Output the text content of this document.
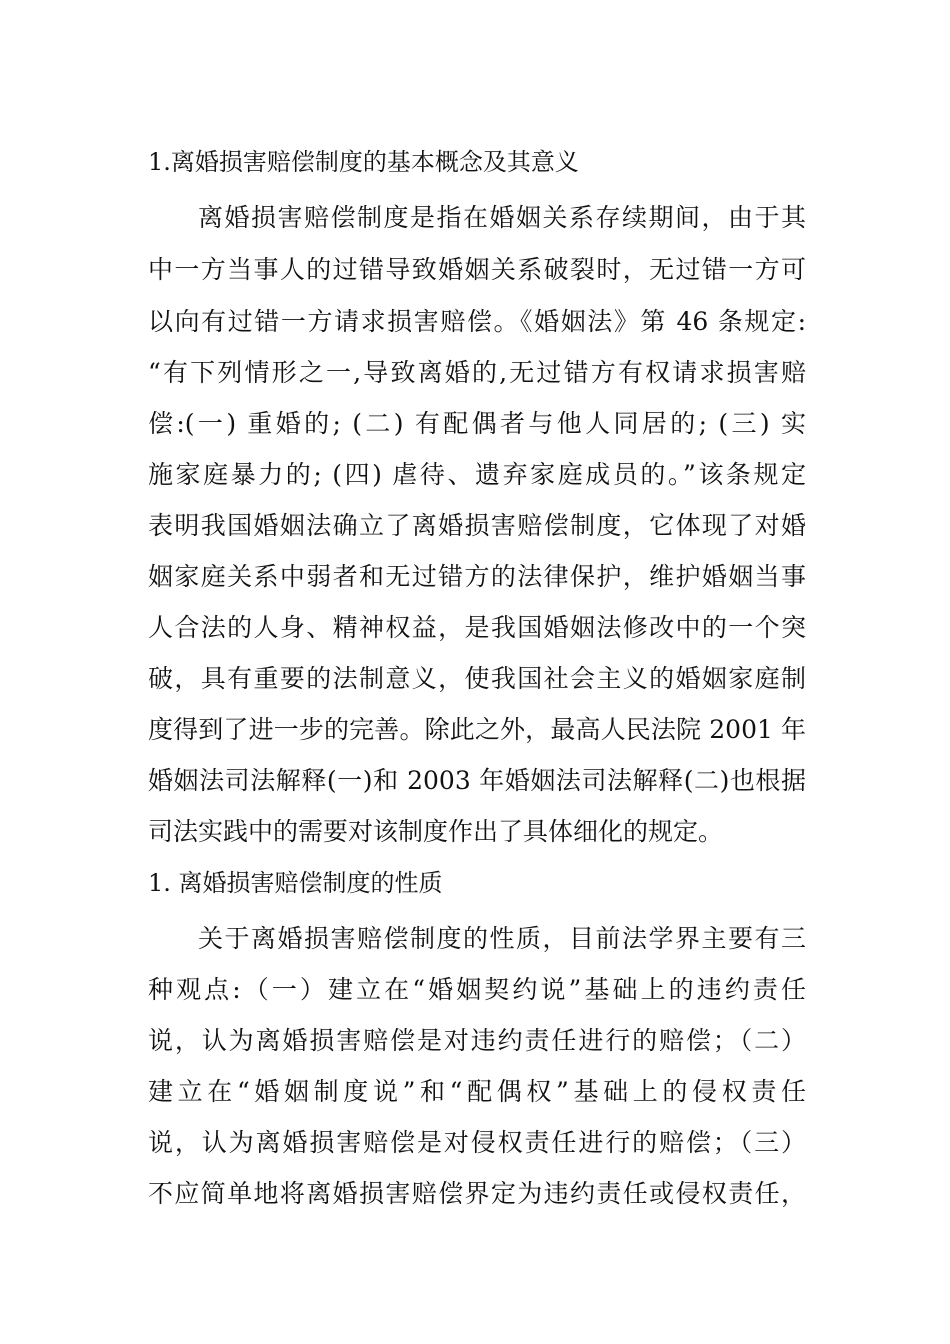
1.离婚损害赔偿制度的基本概念及其意义
离婚损害赔偿制度是指在婚姻关系存续期间，由于其
中一方当事人的过错导致婚姻关系破裂时，无过错一方可
以向有过错一方请求损害赔偿。《婚姻法》第 46 条规定:
“有下列情形之一,导致离婚的,无过错方有权请求损害赔
偿:(一) 重婚的; (二) 有配偶者与他人同居的; (三) 实
施家庭暴力的; (四) 虐待、遗弃家庭成员的。”该条规定
表明我国婚姻法确立了离婚损害赔偿制度，它体现了对婚
姻家庭关系中弱者和无过错方的法律保护，维护婚姻当事
人合法的人身、精神权益，是我国婚姻法修改中的一个突
破，具有重要的法制意义，使我国社会主义的婚姻家庭制
度得到了进一步的完善。除此之外，最高人民法院 2001 年
婚姻法司法解释(一)和 2003 年婚姻法司法解释(二)也根据
司法实践中的需要对该制度作出了具体细化的规定。
1. 离婚损害赔偿制度的性质
关于离婚损害赔偿制度的性质，目前法学界主要有三
种观点:（一）建立在“婚姻契约说”基础上的违约责任
说，认为离婚损害赔偿是对违约责任进行的赔偿；（二）
建立在“婚姻制度说”和“配偶权”基础上的侵权责任
说，认为离婚损害赔偿是对侵权责任进行的赔偿；（三）
不应简单地将离婚损害赔偿界定为违约责任或侵权责任，
